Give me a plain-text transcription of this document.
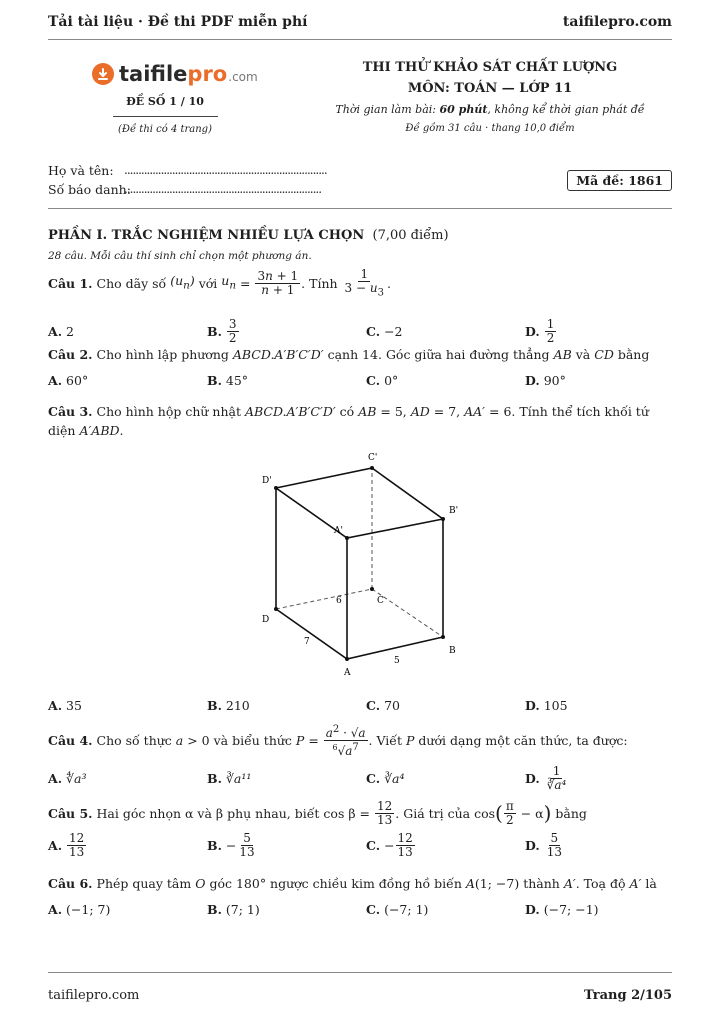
Tải tài liệu · Đề thi PDF miễn phí	taifilepro.com
taifile pro .com
ĐỀ SỐ 1 / 10
(Đề thi có 4 trang)
THI THỬ KHẢO SÁT CHẤT LƯỢNG
MÔN: TOÁN — LỚP 11
Thời gian làm bài: 60 phút, không kể thời gian phát đề
Đề gồm 31 câu · thang 10,0 điểm
Họ và tên: ........................................................................
Số báo danh:
......................................................................
Mã đề: 1861
PHẦN I. TRẮC NGHIỆM NHIỀU LỰA CHỌN (7,00 điểm)
28 câu. Mỗi câu thí sinh chỉ chọn một phương án.
Câu 1.
Cho dãy số
$(u_n)$
với
$u_n = \frac{3n + 1}{n + 1}$ . Tính
$\frac{1}{3 - u_3}$ .
A.
2	B.
$\frac{3}{2}$	C.
−2	D.
$\frac{1}{2}$
Câu 2. Cho hình lập phương ABCD.A′B′C′D′ cạnh 14. Góc giữa hai đường thẳng AB và CD bằng
A. 60°	B. 45°	C. 0°	D. 90°
Câu 3. Cho hình hộp chữ nhật ABCD.A′B′C′D′ có AB = 5, AD = 7, AA′ = 6. Tính thể tích khối tứ diện A′ABD.
C'
D'
B'
A'
D
C
B
A
5
7
6
A. 35	B. 210	C. 70	D. 105
Câu 4.
Cho số thực
a > 0 và biểu thức
$P = \frac{a^2 \cdot √a}{^6√a^7}$ . Viết
P
dưới dạng một căn thức, ta được:
A. ∜a³	B. ∛a¹¹	C. ∛a⁴	D.
$\frac{1}{\text{∛a⁴}}$
Câu 5.
Hai góc nhọn α và β phụ nhau, biết cos β =
$\frac{12}{13}$ . Giá trị của cos ( $\frac{\pi}{2} - \alpha$ )
bằng
A.
$\frac{12}{13}$	B. − $\frac{5}{13}$	C. − $\frac{12}{13}$	D.
$\frac{5}{13}$
Câu 6. Phép quay tâm O góc 180° ngược chiều kim đồng hồ biến A(1; −7) thành A′. Toạ độ A′ là
A. (−1; 7)	B. (7; 1)	C. (−7; 1)	D. (−7; −1)
taifilepro.com	Trang 2/105
